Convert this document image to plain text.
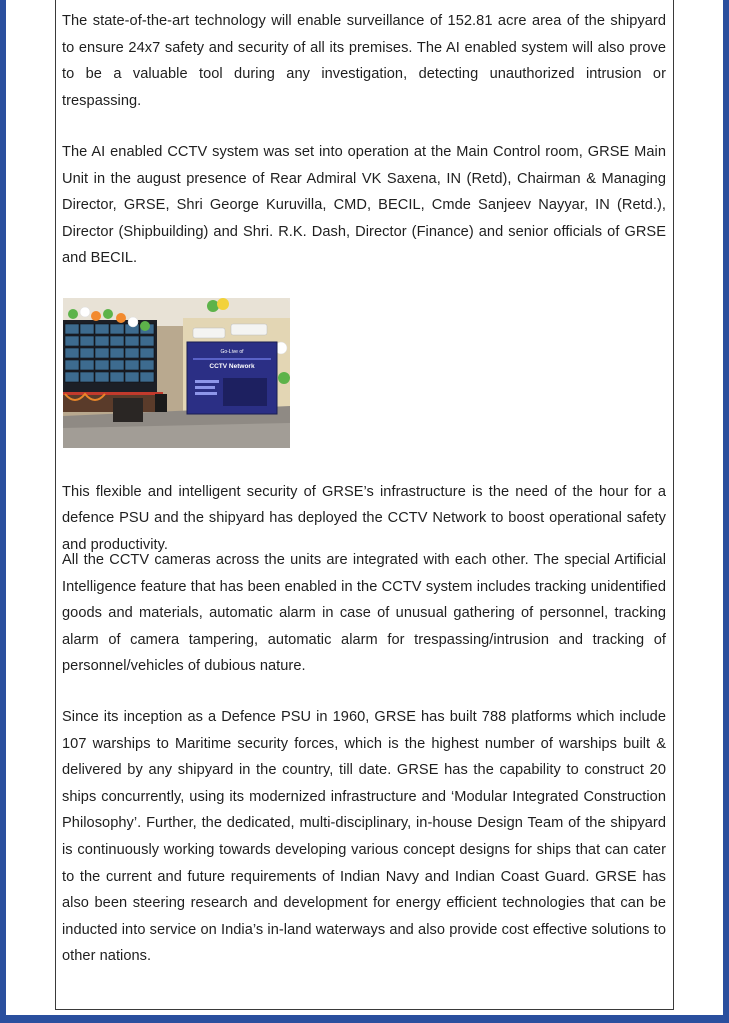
The state-of-the-art technology will enable surveillance of 152.81 acre area of the shipyard to ensure 24x7 safety and security of all its premises. The AI enabled system will also prove to be a valuable tool during any investigation, detecting unauthorized intrusion or trespassing.

The AI enabled CCTV system was set into operation at the Main Control room, GRSE Main Unit in the august presence of Rear Admiral VK Saxena, IN (Retd), Chairman & Managing Director, GRSE, Shri George Kuruvilla, CMD, BECIL, Cmde Sanjeev Nayyar, IN (Retd.), Director (Shipbuilding) and Shri. R.K. Dash, Director (Finance) and senior officials of GRSE and BECIL.

Go-Live of
CCTV Network

This flexible and intelligent security of GRSE’s infrastructure is the need of the hour for a defence PSU and the shipyard has deployed the CCTV Network to boost operational safety and productivity.

All the CCTV cameras across the units are integrated with each other. The special Artificial Intelligence feature that has been enabled in the CCTV system includes tracking unidentified goods and materials, automatic alarm in case of unusual gathering of personnel, tracking alarm of camera tampering, automatic alarm for trespassing/intrusion and tracking of personnel/vehicles of dubious nature.

Since its inception as a Defence PSU in 1960, GRSE has built 788 platforms which include 107 warships to Maritime security forces, which is the highest number of warships built & delivered by any shipyard in the country, till date. GRSE has the capability to construct 20 ships concurrently, using its modernized infrastructure and ‘Modular Integrated Construction Philosophy’. Further, the dedicated, multi-disciplinary, in-house Design Team of the shipyard is continuously working towards developing various concept designs for ships that can cater to the current and future requirements of Indian Navy and Indian Coast Guard. GRSE has also been steering research and development for energy efficient technologies that can be inducted into service on India’s in-land waterways and also provide cost effective solutions to other nations.
